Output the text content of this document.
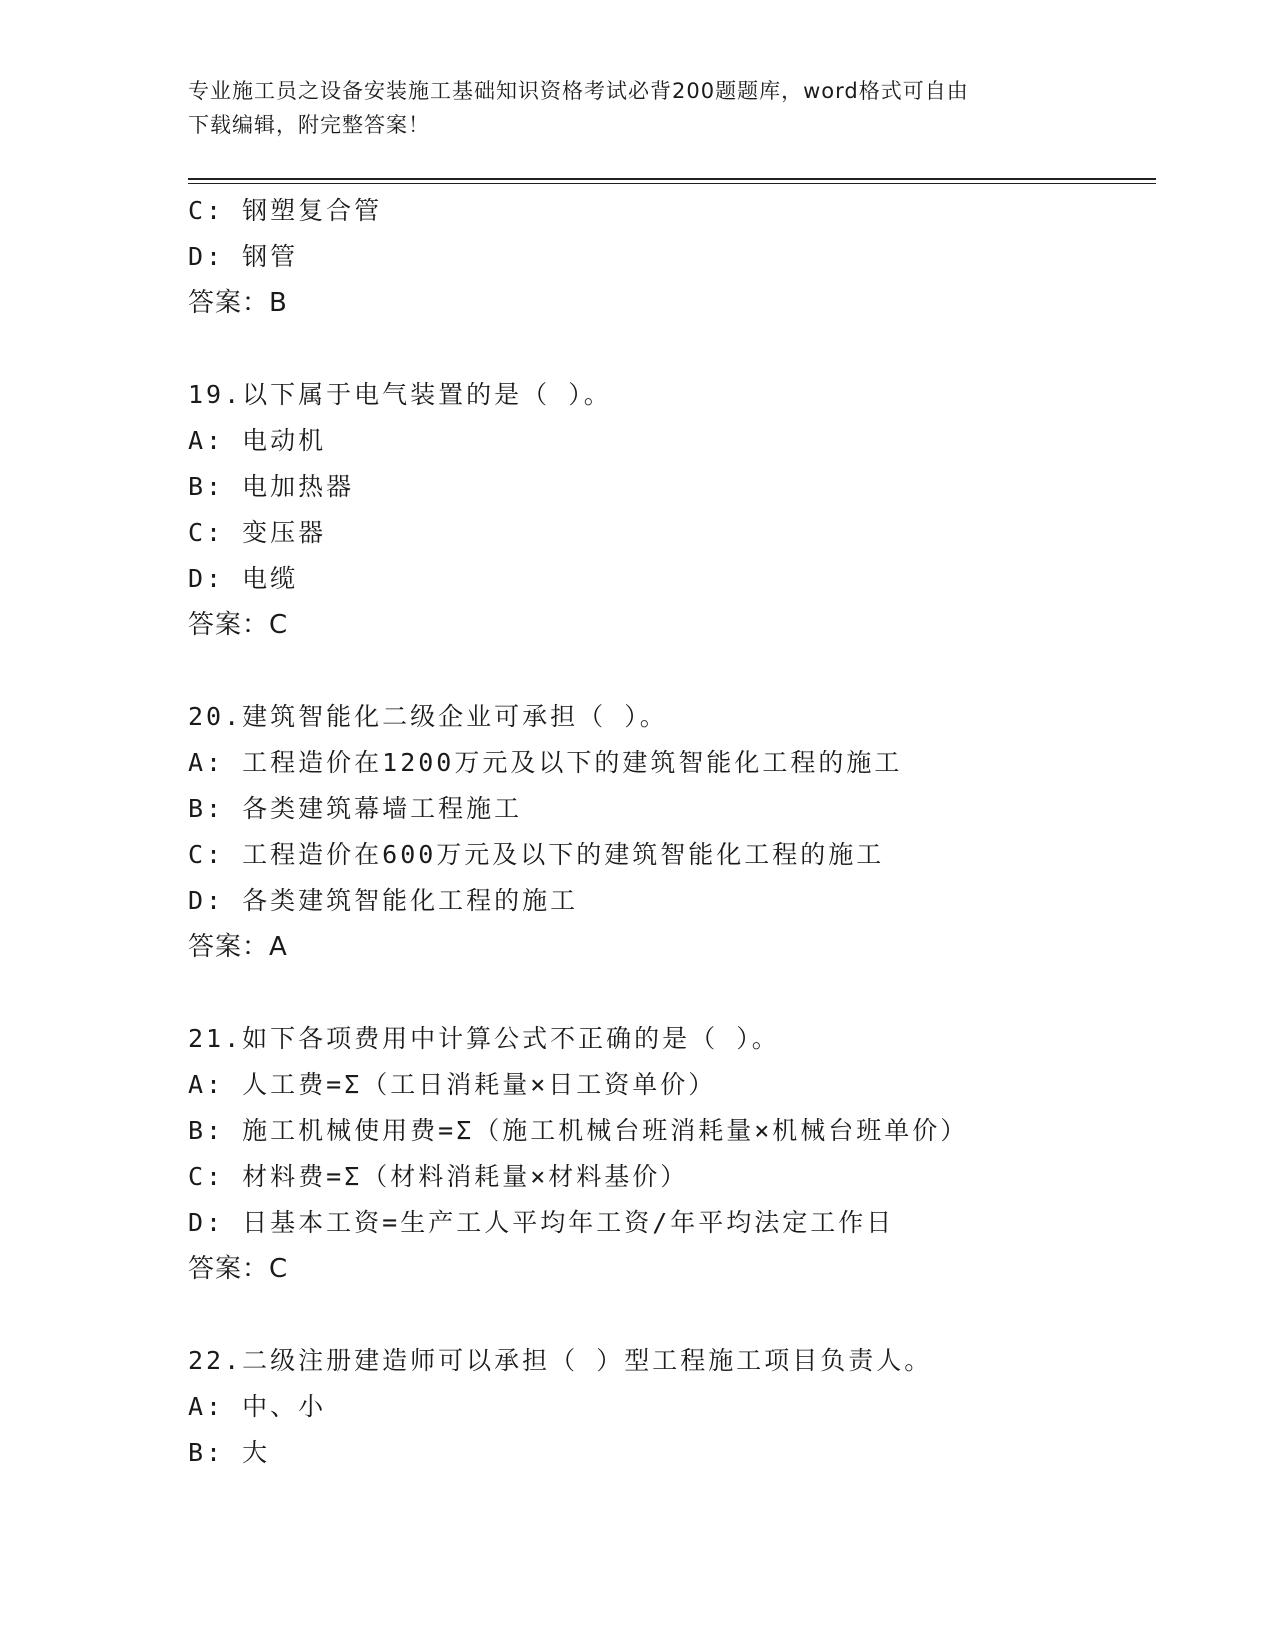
专业施工员之设备安装施工基础知识资格考试必背200题题库，word格式可自由
下载编辑，附完整答案！
C: 钢塑复合管
D: 钢管
答案：B
19.以下属于电气装置的是（ ）。
A: 电动机
B: 电加热器
C: 变压器
D: 电缆
答案：C
20.建筑智能化二级企业可承担（ ）。
A: 工程造价在1200万元及以下的建筑智能化工程的施工
B: 各类建筑幕墙工程施工
C: 工程造价在600万元及以下的建筑智能化工程的施工
D: 各类建筑智能化工程的施工
答案：A
21.如下各项费用中计算公式不正确的是（ ）。
A: 人工费=Σ（工日消耗量×日工资单价）
B: 施工机械使用费=Σ（施工机械台班消耗量×机械台班单价）
C: 材料费=Σ（材料消耗量×材料基价）
D: 日基本工资=生产工人平均年工资/年平均法定工作日
答案：C
22.二级注册建造师可以承担（ ）型工程施工项目负责人。
A: 中、小
B: 大
